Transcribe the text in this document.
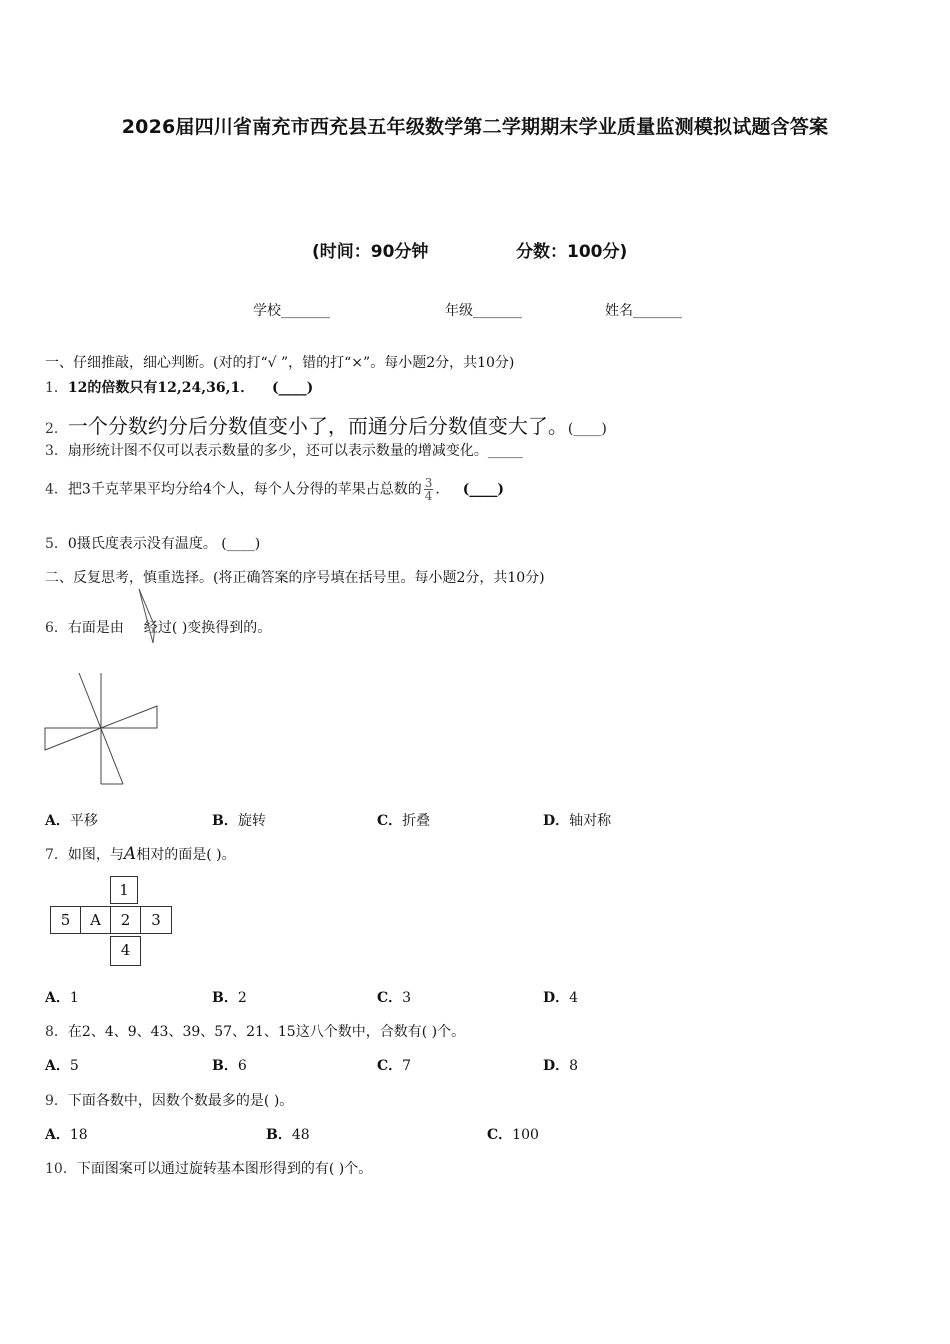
2026届四川省南充市西充县五年级数学第二学期期末学业质量监测模拟试题含答案
(时间：90分钟	分数：100分)
学校_______	年级_______	姓名_______
一、仔细推敲，细心判断。(对的打“√ ”，错的打“×”。每小题2分，共10分)
1．12的倍数只有12,24,36,1． (____)
2．一个分数约分后分数值变小了，而通分后分数值变大了。(____)
3．扇形统计图不仅可以表示数量的多少，还可以表示数量的增减变化。_____
4．把3千克苹果平均分给4个人，每个人分得的苹果占总数的 $\frac{3}{4}$ ． (____)
5．0摄氏度表示没有温度。 (____)
二、反复思考，慎重选择。(将正确答案的序号填在括号里。每小题2分，共10分)
6．右面是由 经过( )变换得到的。
A．平移	B．旋转	C．折叠	D．轴对称
7．如图，与A相对的面是( )。
1
5	A	2	3
4
A．1	B．2	C．3	D．4
8．在2、4、9、43、39、57、21、15这八个数中，合数有( )个。
A．5	B．6	C．7	D．8
9．下面各数中，因数个数最多的是( )。
A．18	B．48	C．100
10．下面图案可以通过旋转基本图形得到的有( )个。
